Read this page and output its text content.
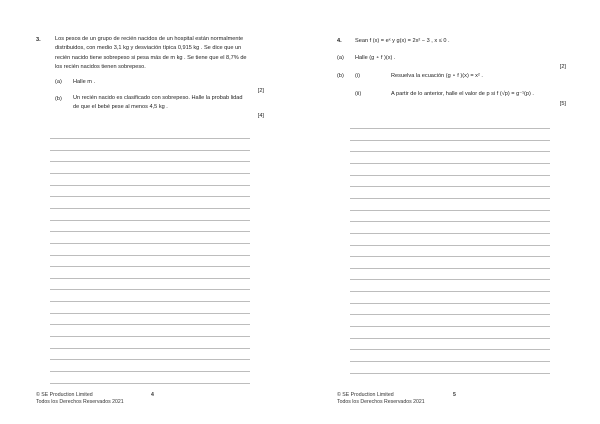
3.	Los pesos de un grupo de recién nacidos de un hospital están normalmente
distribuidos, con medio 3,1 kg y desviación típica 0,915 kg . Se dice que un
recién nacido tiene sobrepeso si pesa más de m kg . Se tiene que el 8,7% de
los recién nacidos tienen sobrepeso.
(a) Halle m .
[2]
(b) Un recién nacido es clasificado con sobrepeso. Halle la probab lidad
de que el bebé pese al menos 4,5 kg .
[4]
© SE Production Limited
Todos los Derechos Reservados 2021
4
4. Sean f (x) = eˣ y g(x) = 2x² − 3 , x ≤ 0 .
(a) Halle (g ∘ f )(x) .
[2]
(b) (i)	Resuelva la ecuación (g ∘ f )(x) = x² .
(ii)	A partir de lo anterior, halle el valor de p si f (√p) = g⁻¹(p) .
[5]
© SE Production Limited
Todos los Derechos Reservados 2021
5
